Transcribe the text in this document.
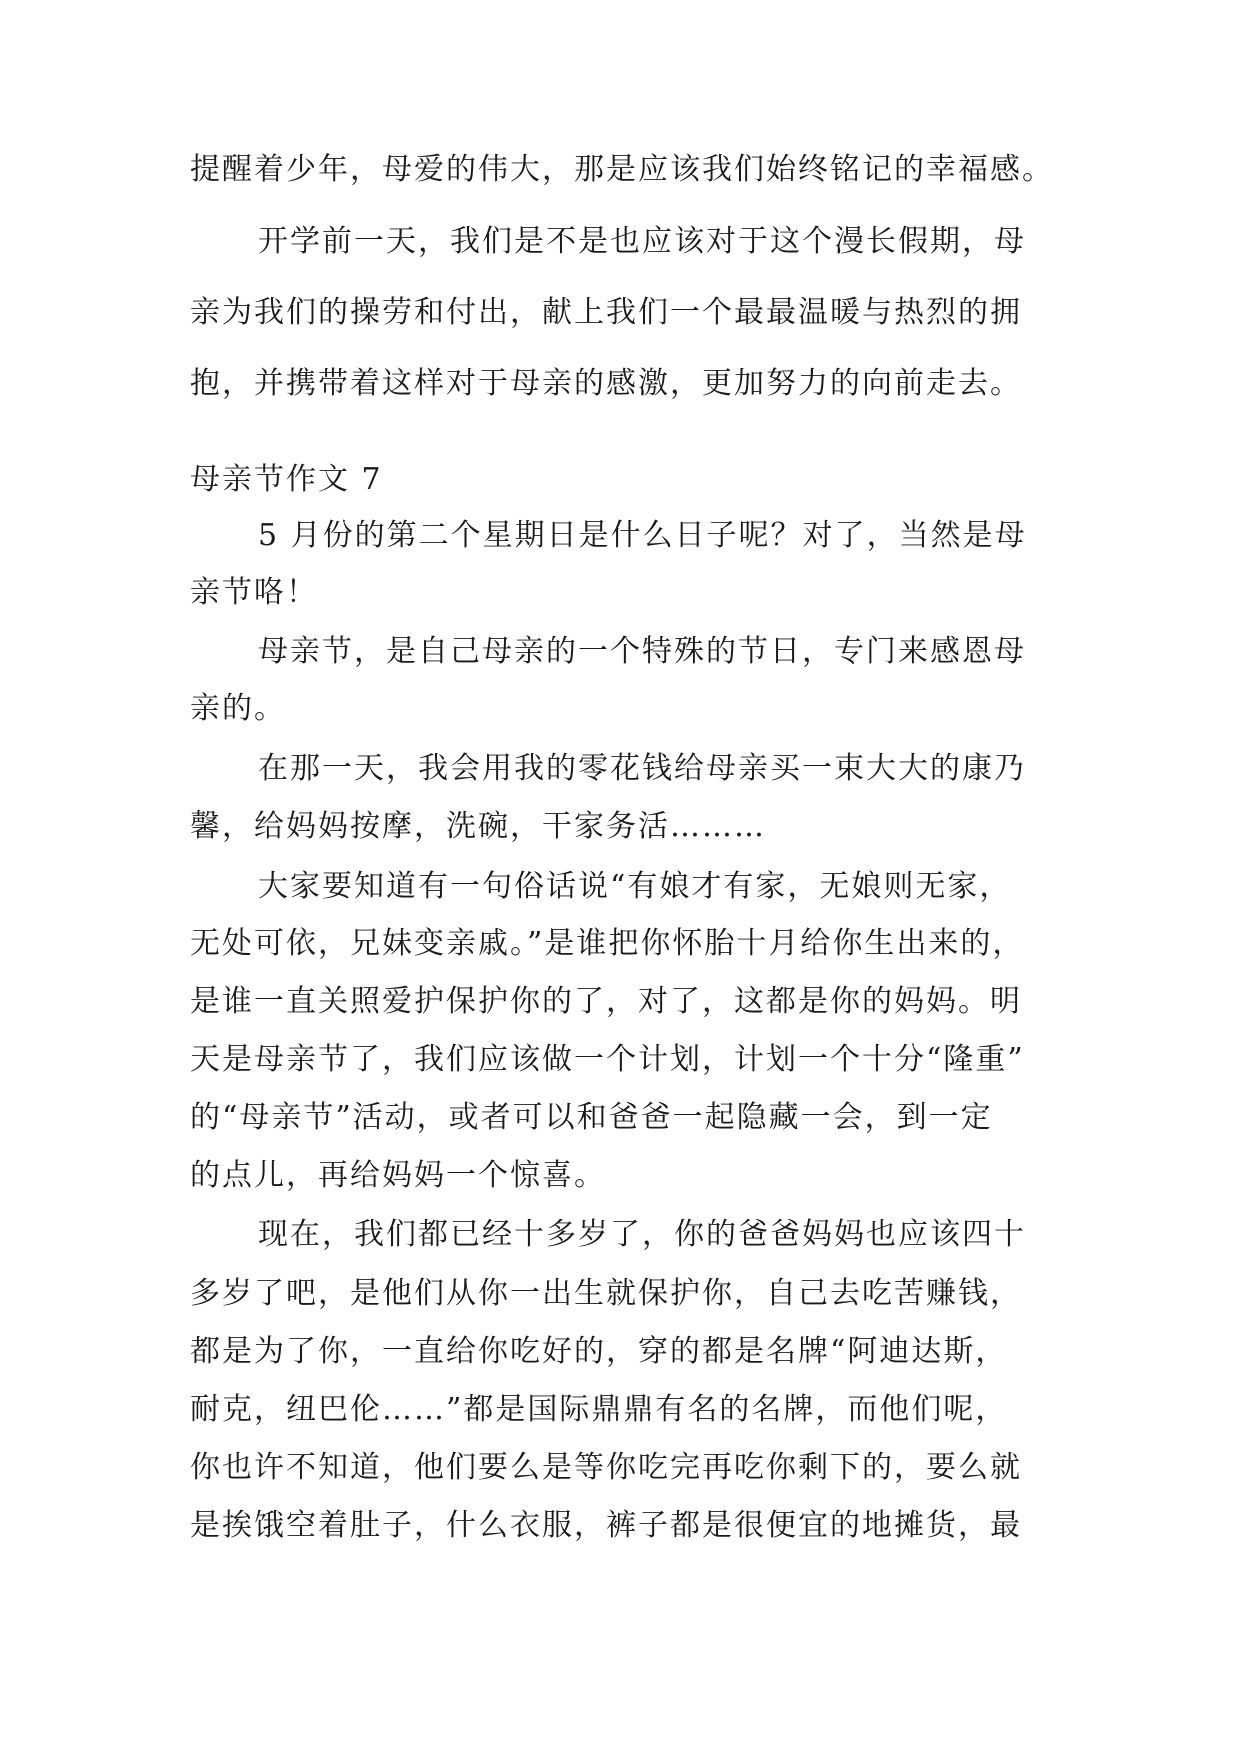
提醒着少年，母爱的伟大，那是应该我们始终铭记的幸福感。
开学前一天，我们是不是也应该对于这个漫长假期，母
亲为我们的操劳和付出，献上我们一个最最温暖与热烈的拥
抱，并携带着这样对于母亲的感激，更加努力的向前走去。
母亲节作文 7
5 月份的第二个星期日是什么日子呢？对了，当然是母
亲节咯！
母亲节，是自己母亲的一个特殊的节日，专门来感恩母
亲的。
在那一天，我会用我的零花钱给母亲买一束大大的康乃
馨，给妈妈按摩，洗碗，干家务活………
大家要知道有一句俗话说“有娘才有家，无娘则无家，
无处可依，兄妹变亲戚。”是谁把你怀胎十月给你生出来的，
是谁一直关照爱护保护你的了，对了，这都是你的妈妈。明
天是母亲节了，我们应该做一个计划，计划一个十分“隆重”
的“母亲节”活动，或者可以和爸爸一起隐藏一会，到一定
的点儿，再给妈妈一个惊喜。
现在，我们都已经十多岁了，你的爸爸妈妈也应该四十
多岁了吧，是他们从你一出生就保护你，自己去吃苦赚钱，
都是为了你，一直给你吃好的，穿的都是名牌“阿迪达斯，
耐克，纽巴伦……”都是国际鼎鼎有名的名牌，而他们呢，
你也许不知道，他们要么是等你吃完再吃你剩下的，要么就
是挨饿空着肚子，什么衣服，裤子都是很便宜的地摊货，最
